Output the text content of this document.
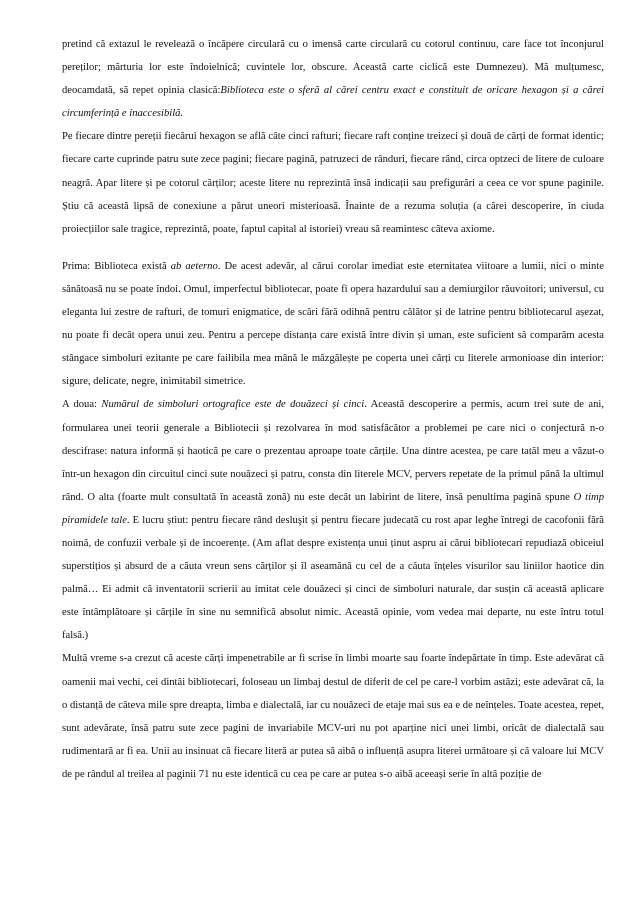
pretind că extazul le revelează o încăpere circulară cu o imensă carte circulară cu cotorul continuu, care face tot înconjurul pereților; mărturia lor este îndoielnică; cuvintele lor, obscure. Această carte ciclică este Dumnezeu). Mă mulțumesc, deocamdată, să repet opinia clasică:Biblioteca este o sferă al cărei centru exact e constituit de oricare hexagon și a cărei circumferință e inaccesibilă.

Pe fiecare dintre pereții fiecărui hexagon se află câte cinci rafturi; fiecare raft conține treizeci și două de cărți de format identic; fiecare carte cuprinde patru sute zece pagini; fiecare pagină, patruzeci de rânduri, fiecare rând, circa optzeci de litere de culoare neagră. Apar litere și pe cotorul cărților; aceste litere nu reprezintă însă indicații sau prefigurări a ceea ce vor spune paginile. Știu că această lipsă de conexiune a părut uneori misterioasă. Înainte de a rezuma soluția (a cărei descoperire, în ciuda proiecțiilor sale tragice, reprezintă, poate, faptul capital al istoriei) vreau să reamintesc câteva axiome.

Prima: Biblioteca există ab aeterno. De acest adevăr, al cărui corolar imediat este eternitatea viitoare a lumii, nici o minte sănătoasă nu se poate îndoi. Omul, imperfectul bibliotecar, poate fi opera hazardului sau a demiurgilor răuvoitori; universul, cu eleganta lui zestre de rafturi, de tomuri enigmatice, de scări fără odihnă pentru călător și de latrine pentru bibliotecarul așezat, nu poate fi decât opera unui zeu. Pentru a percepe distanța care există între divin și uman, este suficient să comparăm acesta stângace simboluri ezitante pe care failibila mea mână le mâzgălește pe coperta unei cărți cu literele armonioase din interior: sigure, delicate, negre, inimitabil simetrice.

A doua: Numărul de simboluri ortografice este de douăzeci și cinci. Această descoperire a permis, acum trei sute de ani, formularea unei teorii generale a Bibliotecii și rezolvarea în mod satisfăcător a problemei pe care nici o conjectură n-o descifrase: natura informă și haotică pe care o prezentau aproape toate cărțile. Una dintre acestea, pe care tatăl meu a văzut-o într-un hexagon din circuitul cinci sute nouăzeci și patru, consta din literele MCV, pervers repetate de la primul până la ultimul rând. O alta (foarte mult consultată în această zonă) nu este decât un labirint de litere, însă penultima pagină spune O timp piramidele tale. E lucru știut: pentru fiecare rând desluşit și pentru fiecare judecată cu rost apar leghe întregi de cacofonii fără noimă, de confuzii verbale și de incoerențe. (Am aflat despre existența unui ținut aspru ai cărui bibliotecari repudiază obiceiul superstițios și absurd de a căuta vreun sens cărților și îl aseamănă cu cel de a căuta înțeles visurilor sau liniilor haotice din palmă… Ei admit că inventatorii scrierii au imitat cele douăzeci și cinci de simboluri naturale, dar susțin că această aplicare este întâmplătoare și cărțile în sine nu semnifică absolut nimic. Această opinie, vom vedea mai departe, nu este întru totul falsă.)

Multă vreme s-a crezut că aceste cărți impenetrabile ar fi scrise în limbi moarte sau foarte îndepărtate în timp. Este adevărat că oamenii mai vechi, cei dintâi bibliotecari, foloseau un limbaj destul de diferit de cel pe care-l vorbim astăzi; este adevărat că, la o distanță de câteva mile spre dreapta, limba e dialectală, iar cu nouăzeci de etaje mai sus ea e de neînțeles. Toate acestea, repet, sunt adevărate, însă patru sute zece pagini de invariabile MCV-uri nu pot aparține nici unei limbi, oricât de dialectală sau rudimentară ar fi ea. Unii au insinuat că fiecare literă ar putea să aibă o influență asupra literei următoare și că valoare lui MCV de pe rândul al treilea al paginii 71 nu este identică cu cea pe care ar putea s-o aibă aceeași serie în altă poziție de
